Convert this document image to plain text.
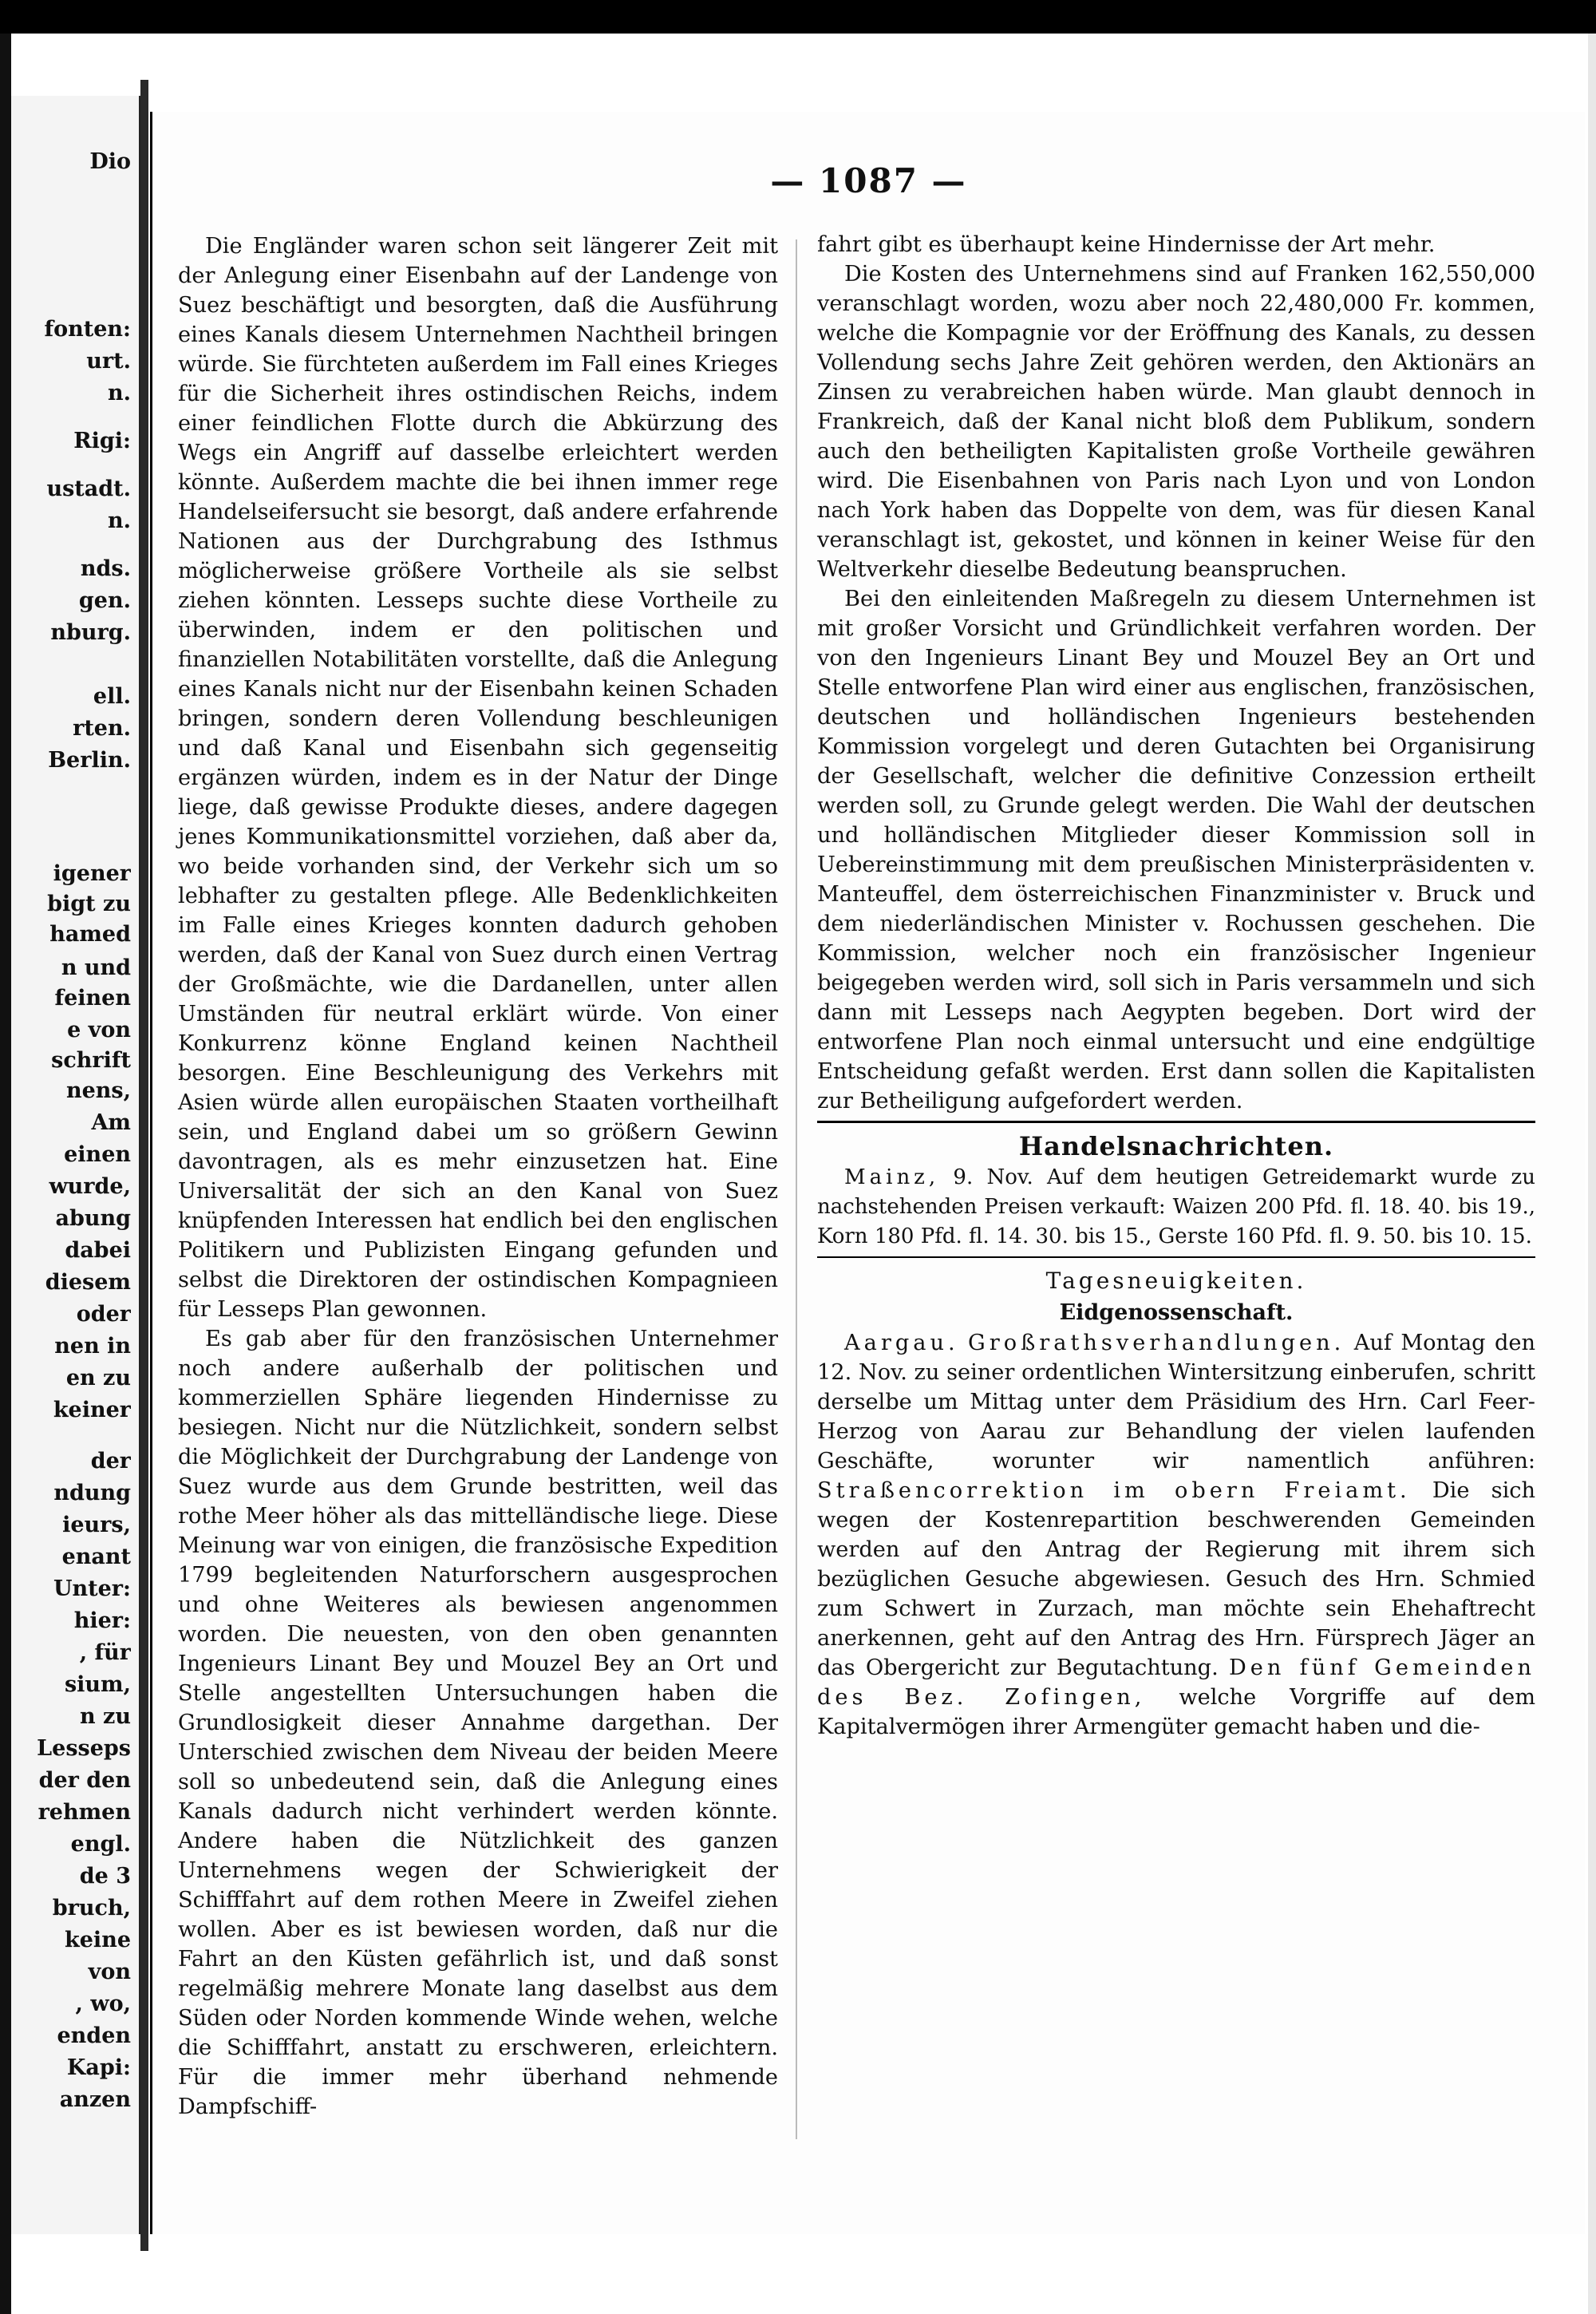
Dio
fonten:
urt.
n.
Rigi:
ustadt.
n.
nds.
gen.
nburg.
ell.
rten.
Berlin.
igener
bigt zu
hamed
n und
feinen
e von
schrift
nens,
Am
einen
wurde,
abung
dabei
diesem
oder
nen in
en zu
keiner
der
ndung
ieurs,
enant
Unter:
hier:
, für
sium,
n zu
Lesseps
der den
rehmen
engl.
de 3
bruch,
keine
von
, wo,
enden
Kapi:
anzen
— 1087 —

Die Engländer waren schon seit längerer Zeit mit der Anlegung einer Eisenbahn auf der Landenge von Suez beschäftigt und besorgten, daß die Ausführung eines Kanals diesem Unternehmen Nachtheil bringen würde. Sie fürchteten außerdem im Fall eines Krieges für die Sicherheit ihres ostindischen Reichs, indem einer feindlichen Flotte durch die Abkürzung des Wegs ein Angriff auf dasselbe erleichtert werden könnte. Außerdem machte die bei ihnen immer rege Handelseifersucht sie besorgt, daß andere erfahrende Nationen aus der Durchgrabung des Isthmus möglicherweise größere Vortheile als sie selbst ziehen könnten. Lesseps suchte diese Vortheile zu überwinden, indem er den politischen und finanziellen Notabilitäten vorstellte, daß die Anlegung eines Kanals nicht nur der Eisenbahn keinen Schaden bringen, sondern deren Vollendung beschleunigen und daß Kanal und Eisenbahn sich gegenseitig ergänzen würden, indem es in der Natur der Dinge liege, daß gewisse Produkte dieses, andere dagegen jenes Kommunikationsmittel vorziehen, daß aber da, wo beide vorhanden sind, der Verkehr sich um so lebhafter zu gestalten pflege. Alle Bedenklichkeiten im Falle eines Krieges konnten dadurch gehoben werden, daß der Kanal von Suez durch einen Vertrag der Großmächte, wie die Dardanellen, unter allen Umständen für neutral erklärt würde. Von einer Konkurrenz könne England keinen Nachtheil besorgen. Eine Beschleunigung des Verkehrs mit Asien würde allen europäischen Staaten vortheilhaft sein, und England dabei um so größern Gewinn davontragen, als es mehr einzusetzen hat. Eine Universalität der sich an den Kanal von Suez knüpfenden Interessen hat endlich bei den englischen Politikern und Publizisten Eingang gefunden und selbst die Direktoren der ostindischen Kompagnieen für Lesseps Plan gewonnen.

Es gab aber für den französischen Unternehmer noch andere außerhalb der politischen und kommerziellen Sphäre liegenden Hindernisse zu besiegen. Nicht nur die Nützlichkeit, sondern selbst die Möglichkeit der Durchgrabung der Landenge von Suez wurde aus dem Grunde bestritten, weil das rothe Meer höher als das mittelländische liege. Diese Meinung war von einigen, die französische Expedition 1799 begleitenden Naturforschern ausgesprochen und ohne Weiteres als bewiesen angenommen worden. Die neuesten, von den oben genannten Ingenieurs Linant Bey und Mouzel Bey an Ort und Stelle angestellten Untersuchungen haben die Grundlosigkeit dieser Annahme dargethan. Der Unterschied zwischen dem Niveau der beiden Meere soll so unbedeutend sein, daß die Anlegung eines Kanals dadurch nicht verhindert werden könnte. Andere haben die Nützlichkeit des ganzen Unternehmens wegen der Schwierigkeit der Schifffahrt auf dem rothen Meere in Zweifel ziehen wollen. Aber es ist bewiesen worden, daß nur die Fahrt an den Küsten gefährlich ist, und daß sonst regelmäßig mehrere Monate lang daselbst aus dem Süden oder Norden kommende Winde wehen, welche die Schifffahrt, anstatt zu erschweren, erleichtern. Für die immer mehr überhand nehmende Dampfschiff-

fahrt gibt es überhaupt keine Hindernisse der Art mehr.

Die Kosten des Unternehmens sind auf Franken 162,550,000 veranschlagt worden, wozu aber noch 22,480,000 Fr. kommen, welche die Kompagnie vor der Eröffnung des Kanals, zu dessen Vollendung sechs Jahre Zeit gehören werden, den Aktionärs an Zinsen zu verabreichen haben würde. Man glaubt dennoch in Frankreich, daß der Kanal nicht bloß dem Publikum, sondern auch den betheiligten Kapitalisten große Vortheile gewähren wird. Die Eisenbahnen von Paris nach Lyon und von London nach York haben das Doppelte von dem, was für diesen Kanal veranschlagt ist, gekostet, und können in keiner Weise für den Weltverkehr dieselbe Bedeutung beanspruchen.

Bei den einleitenden Maßregeln zu diesem Unternehmen ist mit großer Vorsicht und Gründlichkeit verfahren worden. Der von den Ingenieurs Linant Bey und Mouzel Bey an Ort und Stelle entworfene Plan wird einer aus englischen, französischen, deutschen und holländischen Ingenieurs bestehenden Kommission vorgelegt und deren Gutachten bei Organisirung der Gesellschaft, welcher die definitive Conzession ertheilt werden soll, zu Grunde gelegt werden. Die Wahl der deutschen und holländischen Mitglieder dieser Kommission soll in Uebereinstimmung mit dem preußischen Ministerpräsidenten v. Manteuffel, dem österreichischen Finanzminister v. Bruck und dem niederländischen Minister v. Rochussen geschehen. Die Kommission, welcher noch ein französischer Ingenieur beigegeben werden wird, soll sich in Paris versammeln und sich dann mit Lesseps nach Aegypten begeben. Dort wird der entworfene Plan noch einmal untersucht und eine endgültige Entscheidung gefaßt werden. Erst dann sollen die Kapitalisten zur Betheiligung aufgefordert werden.

Handelsnachrichten.

Mainz, 9. Nov. Auf dem heutigen Getreidemarkt wurde zu nachstehenden Preisen verkauft: Waizen 200 Pfd. fl. 18. 40. bis 19., Korn 180 Pfd. fl. 14. 30. bis 15., Gerste 160 Pfd. fl. 9. 50. bis 10. 15.

Tagesneuigkeiten.
Eidgenossenschaft.

Aargau. Großrathsverhandlungen. Auf Montag den 12. Nov. zu seiner ordentlichen Wintersitzung einberufen, schritt derselbe um Mittag unter dem Präsidium des Hrn. Carl Feer-Herzog von Aarau zur Behandlung der vielen laufenden Geschäfte, worunter wir namentlich anführen: Straßencorrektion im obern Freiamt. Die sich wegen der Kostenrepartition beschwerenden Gemeinden werden auf den Antrag der Regierung mit ihrem sich bezüglichen Gesuche abgewiesen. Gesuch des Hrn. Schmied zum Schwert in Zurzach, man möchte sein Ehehaftrecht anerkennen, geht auf den Antrag des Hrn. Fürsprech Jäger an das Obergericht zur Begutachtung. Den fünf Gemeinden des Bez. Zofingen, welche Vorgriffe auf dem Kapitalvermögen ihrer Armengüter gemacht haben und die-
